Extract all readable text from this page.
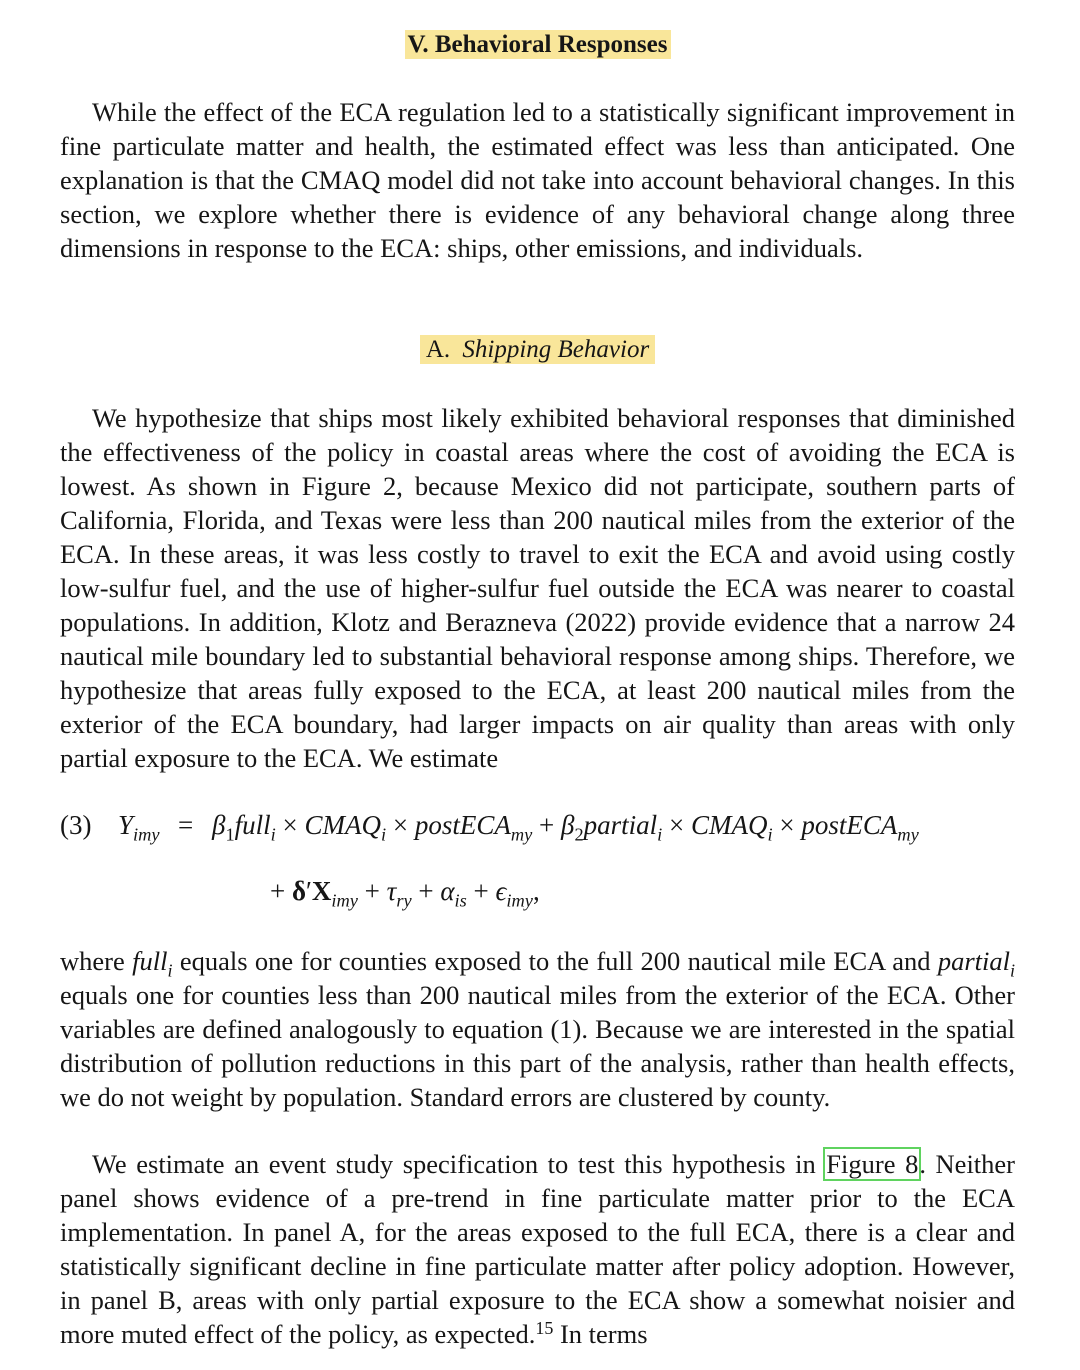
V. Behavioral Responses
While the effect of the ECA regulation led to a statistically significant improvement in fine particulate matter and health, the estimated effect was less than anticipated. One explanation is that the CMAQ model did not take into account behavioral changes. In this section, we explore whether there is evidence of any behavioral change along three dimensions in response to the ECA: ships, other emissions, and individuals.
A. Shipping Behavior
We hypothesize that ships most likely exhibited behavioral responses that diminished the effectiveness of the policy in coastal areas where the cost of avoiding the ECA is lowest. As shown in Figure 2, because Mexico did not participate, southern parts of California, Florida, and Texas were less than 200 nautical miles from the exterior of the ECA. In these areas, it was less costly to travel to exit the ECA and avoid using costly low-sulfur fuel, and the use of higher-sulfur fuel outside the ECA was nearer to coastal populations. In addition, Klotz and Berazneva (2022) provide evidence that a narrow 24 nautical mile boundary led to substantial behavioral response among ships. Therefore, we hypothesize that areas fully exposed to the ECA, at least 200 nautical miles from the exterior of the ECA boundary, had larger impacts on air quality than areas with only partial exposure to the ECA. We estimate
(3) $Y_{imy}$ = $\beta_1full_i$ × $CMAQ_i$ × postECA$_{my}$ + $\beta_2partial_i$ × $CMAQ_i$ × postECA$_{my}$
+ $\delta'X_{imy} + \tau_{ry} + \alpha_{is} + \epsilon_{imy}$,
where full$_i$ equals one for counties exposed to the full 200 nautical mile ECA and partial$_i$ equals one for counties less than 200 nautical miles from the exterior of the ECA. Other variables are defined analogously to equation (1). Because we are interested in the spatial distribution of pollution reductions in this part of the analysis, rather than health effects, we do not weight by population. Standard errors are clustered by county.
We estimate an event study specification to test this hypothesis in Figure 8. Neither panel shows evidence of a pre-trend in fine particulate matter prior to the ECA implementation. In panel A, for the areas exposed to the full ECA, there is a clear and statistically significant decline in fine particulate matter after policy adoption. However, in panel B, areas with only partial exposure to the ECA show a somewhat noisier and more muted effect of the policy, as expected.$^{15}$ In terms
